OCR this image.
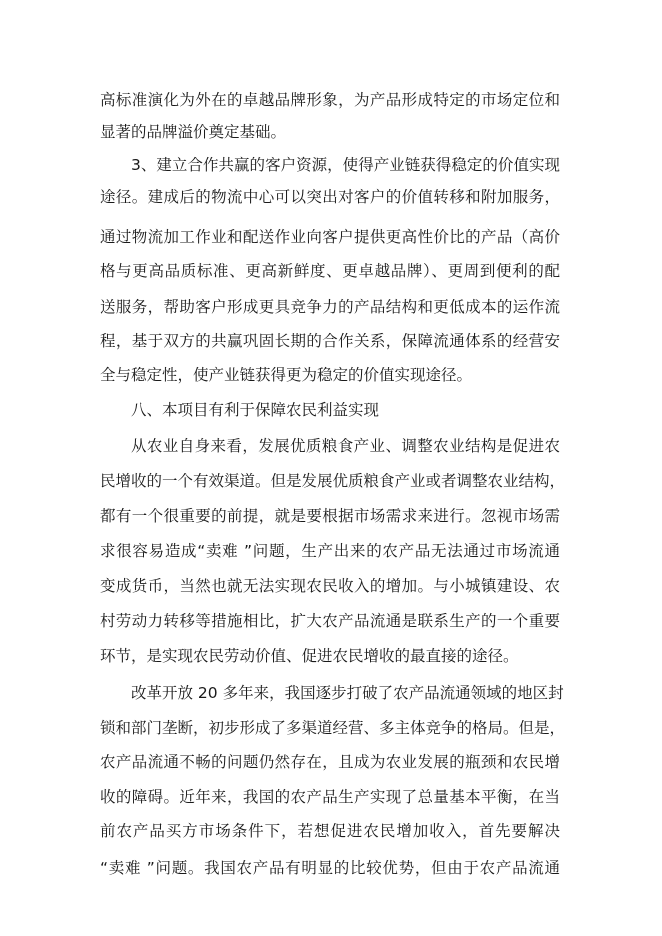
高标准演化为外在的卓越品牌形象，为产品形成特定的市场定位和
显著的品牌溢价奠定基础。
3、建立合作共赢的客户资源，使得产业链获得稳定的价值实现
途径。建成后的物流中心可以突出对客户的价值转移和附加服务，
通过物流加工作业和配送作业向客户提供更高性价比的产品（高价
格与更高品质标准、更高新鲜度、更卓越品牌）、更周到便利的配
送服务，帮助客户形成更具竞争力的产品结构和更低成本的运作流
程，基于双方的共赢巩固长期的合作关系，保障流通体系的经营安
全与稳定性，使产业链获得更为稳定的价值实现途径。
八、本项目有利于保障农民利益实现
从农业自身来看，发展优质粮食产业、调整农业结构是促进农
民增收的一个有效渠道。但是发展优质粮食产业或者调整农业结构，
都有一个很重要的前提，就是要根据市场需求来进行。忽视市场需
求很容易造成“卖难 ”问题，生产出来的农产品无法通过市场流通
变成货币，当然也就无法实现农民收入的增加。与小城镇建设、农
村劳动力转移等措施相比，扩大农产品流通是联系生产的一个重要
环节，是实现农民劳动价值、促进农民增收的最直接的途径。
改革开放 20 多年来，我国逐步打破了农产品流通领域的地区封
锁和部门垄断，初步形成了多渠道经营、多主体竞争的格局。但是，
农产品流通不畅的问题仍然存在，且成为农业发展的瓶颈和农民增
收的障碍。近年来，我国的农产品生产实现了总量基本平衡，在当
前农产品买方市场条件下，若想促进农民增加收入，首先要解决
“卖难 ”问题。我国农产品有明显的比较优势，但由于农产品流通
